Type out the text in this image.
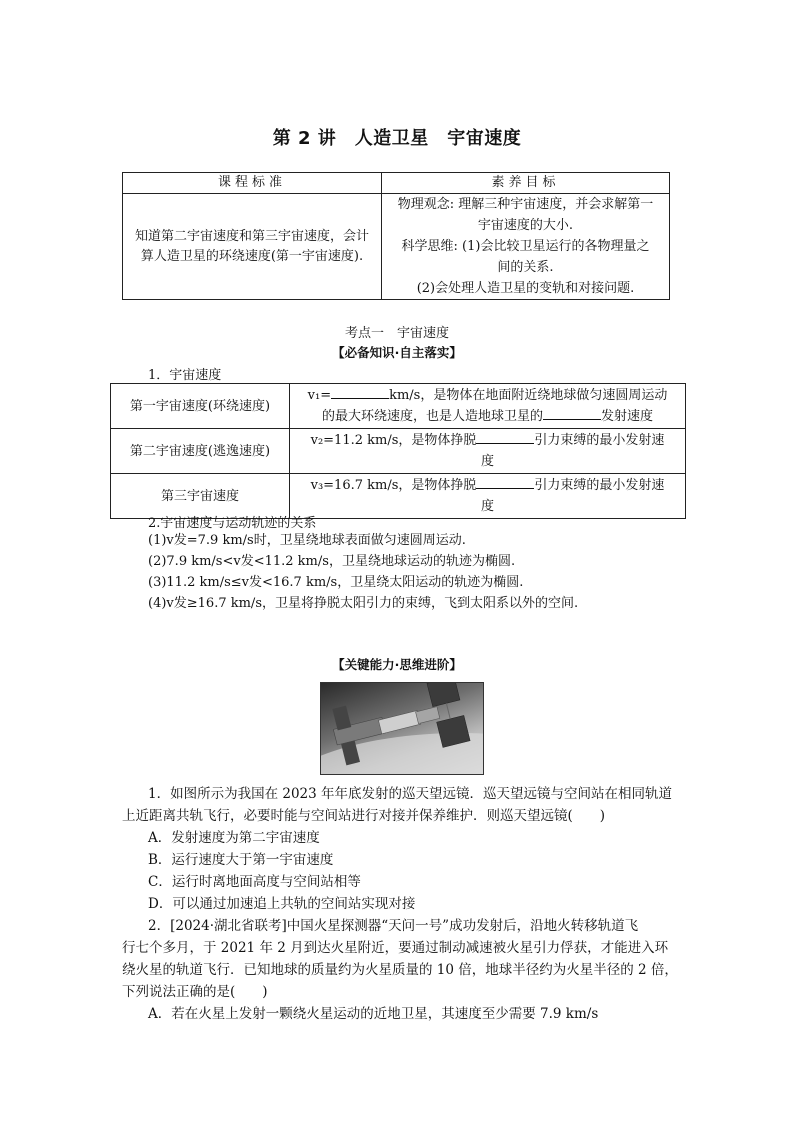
第 2 讲　人造卫星　宇宙速度
课程标准	素养目标
知道第二宇宙速度和第三宇宙速度，会计算人造卫星的环绕速度(第一宇宙速度).	物理观念: 理解三种宇宙速度，并会求解第一
宇宙速度的大小.
科学思维: (1)会比较卫星运行的各物理量之
间的关系.
(2)会处理人造卫星的变轨和对接问题.
考点一　宇宙速度
【必备知识·自主落实】
1．宇宙速度
第一宇宙速度(环绕速度)	v₁= km/s，是物体在地面附近绕地球做匀速圆周运动
的最大环绕速度，也是人造地球卫星的 发射速度

第二宇宙速度(逃逸速度)	v₂=11.2 km/s，是物体挣脱 引力束缚的最小发射速
度

第三宇宙速度	v₃=16.7 km/s，是物体挣脱 引力束缚的最小发射速
度
2.宇宙速度与运动轨迹的关系
(1)v发=7.9 km/s时，卫星绕地球表面做匀速圆周运动.
(2)7.9 km/s<v发<11.2 km/s，卫星绕地球运动的轨迹为椭圆.
(3)11.2 km/s≤v发<16.7 km/s，卫星绕太阳运动的轨迹为椭圆.
(4)v发≥16.7 km/s，卫星将挣脱太阳引力的束缚，飞到太阳系以外的空间.
【关键能力·思维进阶】
1．如图所示为我国在 2023 年年底发射的巡天望远镜．巡天望远镜与空间站在相同轨道
上近距离共轨飞行，必要时能与空间站进行对接并保养维护．则巡天望远镜(　　)
A．发射速度为第二宇宙速度
B．运行速度大于第一宇宙速度
C．运行时离地面高度与空间站相等
D．可以通过加速追上共轨的空间站实现对接
2．[2024·湖北省联考]中国火星探测器“天问一号”成功发射后，沿地火转移轨道飞
行七个多月，于 2021 年 2 月到达火星附近，要通过制动减速被火星引力俘获，才能进入环
绕火星的轨道飞行．已知地球的质量约为火星质量的 10 倍，地球半径约为火星半径的 2 倍，
下列说法正确的是(　　)
A．若在火星上发射一颗绕火星运动的近地卫星，其速度至少需要 7.9 km/s
